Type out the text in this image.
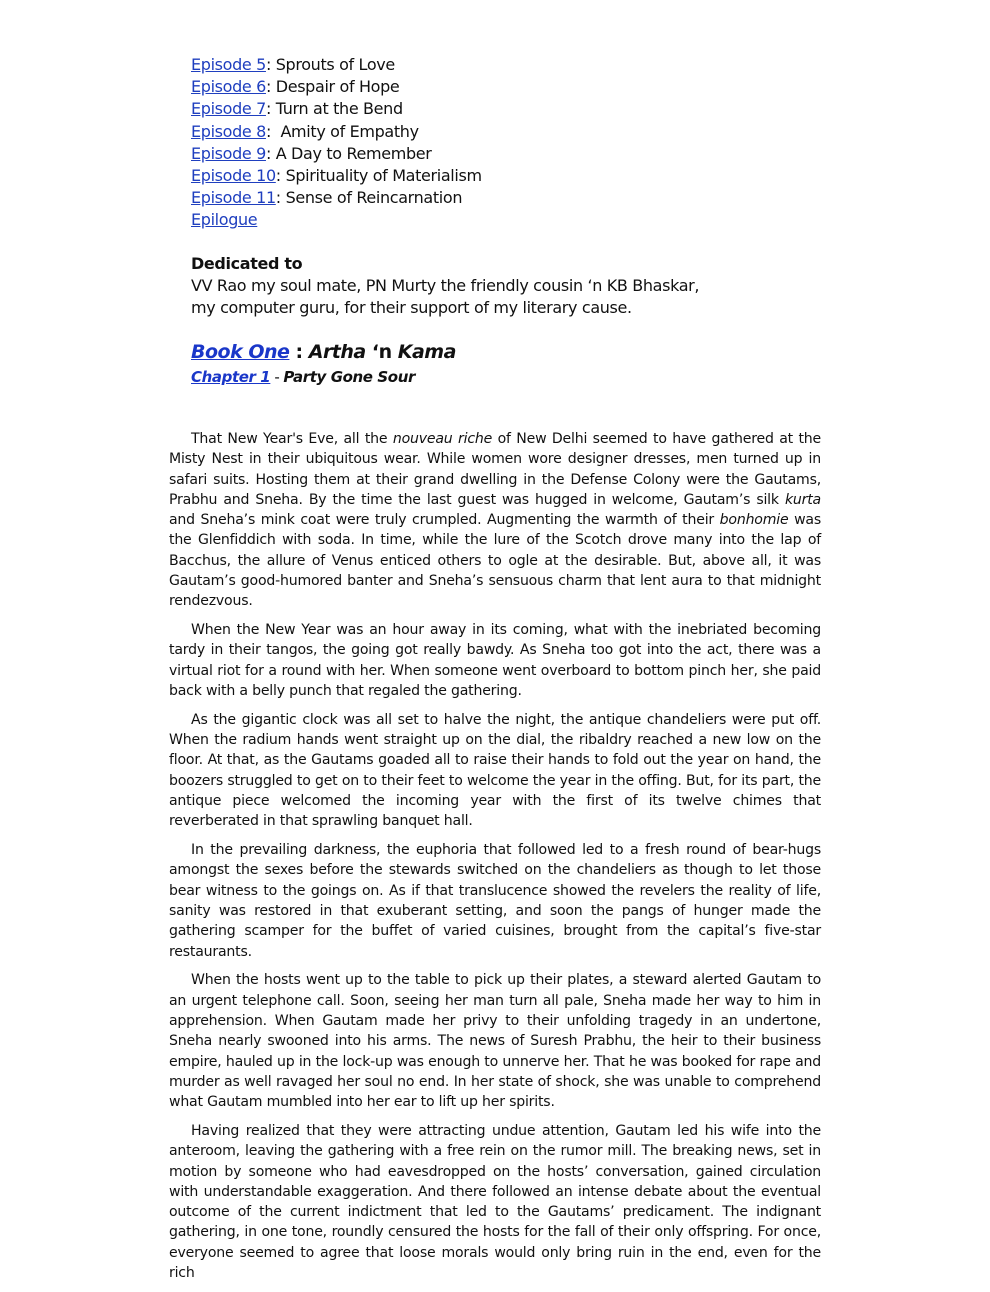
Episode 5: Sprouts of Love
Episode 6: Despair of Hope
Episode 7: Turn at the Bend
Episode 8:  Amity of Empathy
Episode 9: A Day to Remember
Episode 10: Spirituality of Materialism
Episode 11: Sense of Reincarnation
Epilogue
Dedicated to
VV Rao my soul mate, PN Murty the friendly cousin ‘n KB Bhaskar,
my computer guru, for their support of my literary cause.
Book One : Artha ‘n Kama
Chapter 1 - Party Gone Sour

That New Year's Eve, all the nouveau riche of New Delhi seemed to have gathered at the Misty Nest in their ubiquitous wear. While women wore designer dresses, men turned up in safari suits. Hosting them at their grand dwelling in the Defense Colony were the Gautams, Prabhu and Sneha. By the time the last guest was hugged in welcome, Gautam’s silk kurta and Sneha’s mink coat were truly crumpled. Augmenting the warmth of their bonhomie was the Glenfiddich with soda. In time, while the lure of the Scotch drove many into the lap of Bacchus, the allure of Venus enticed others to ogle at the desirable. But, above all, it was Gautam’s good-humored banter and Sneha’s sensuous charm that lent aura to that midnight rendezvous.

When the New Year was an hour away in its coming, what with the inebriated becoming tardy in their tangos, the going got really bawdy. As Sneha too got into the act, there was a virtual riot for a round with her. When someone went overboard to bottom pinch her, she paid back with a belly punch that regaled the gathering.

As the gigantic clock was all set to halve the night, the antique chandeliers were put off. When the radium hands went straight up on the dial, the ribaldry reached a new low on the floor. At that, as the Gautams goaded all to raise their hands to fold out the year on hand, the boozers struggled to get on to their feet to welcome the year in the offing. But, for its part, the antique piece welcomed the incoming year with the first of its twelve chimes that reverberated in that sprawling banquet hall.

In the prevailing darkness, the euphoria that followed led to a fresh round of bear-hugs amongst the sexes before the stewards switched on the chandeliers as though to let those bear witness to the goings on. As if that translucence showed the revelers the reality of life, sanity was restored in that exuberant setting, and soon the pangs of hunger made the gathering scamper for the buffet of varied cuisines, brought from the capital’s five-star restaurants.

When the hosts went up to the table to pick up their plates, a steward alerted Gautam to an urgent telephone call. Soon, seeing her man turn all pale, Sneha made her way to him in apprehension. When Gautam made her privy to their unfolding tragedy in an undertone, Sneha nearly swooned into his arms. The news of Suresh Prabhu, the heir to their business empire, hauled up in the lock-up was enough to unnerve her. That he was booked for rape and murder as well ravaged her soul no end. In her state of shock, she was unable to comprehend what Gautam mumbled into her ear to lift up her spirits.

Having realized that they were attracting undue attention, Gautam led his wife into the anteroom, leaving the gathering with a free rein on the rumor mill. The breaking news, set in motion by someone who had eavesdropped on the hosts’ conversation, gained circulation with understandable exaggeration. And there followed an intense debate about the eventual outcome of the current indictment that led to the Gautams’ predicament. The indignant gathering, in one tone, roundly censured the hosts for the fall of their only offspring. For once, everyone seemed to agree that loose morals would only bring ruin in the end, even for the rich
